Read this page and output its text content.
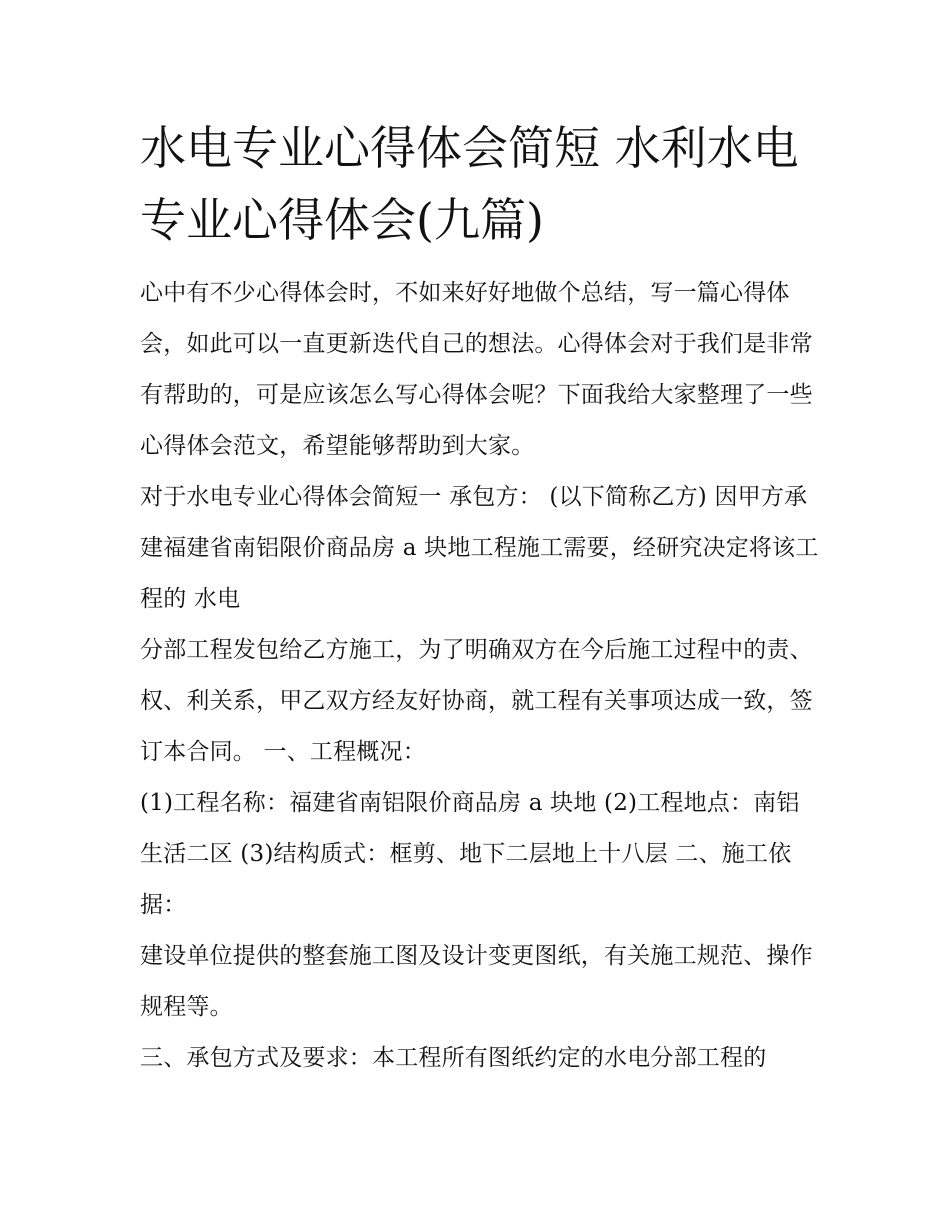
水电专业心得体会简短 水利水电专业心得体会(九篇)

心中有不少心得体会时，不如来好好地做个总结，写一篇心得体会，如此可以一直更新迭代自己的想法。心得体会对于我们是非常有帮助的，可是应该怎么写心得体会呢？下面我给大家整理了一些心得体会范文，希望能够帮助到大家。

对于水电专业心得体会简短一 承包方： (以下简称乙方) 因甲方承建福建省南铝限价商品房 a 块地工程施工需要，经研究决定将该工程的 水电

分部工程发包给乙方施工，为了明确双方在今后施工过程中的责、权、利关系，甲乙双方经友好协商，就工程有关事项达成一致，签订本合同。 一、工程概况：

(1)工程名称：福建省南铝限价商品房 a 块地 (2)工程地点：南铝生活二区 (3)结构质式：框剪、地下二层地上十八层 二、施工依据：

建设单位提供的整套施工图及设计变更图纸，有关施工规范、操作规程等。

三、承包方式及要求：本工程所有图纸约定的水电分部工程的
